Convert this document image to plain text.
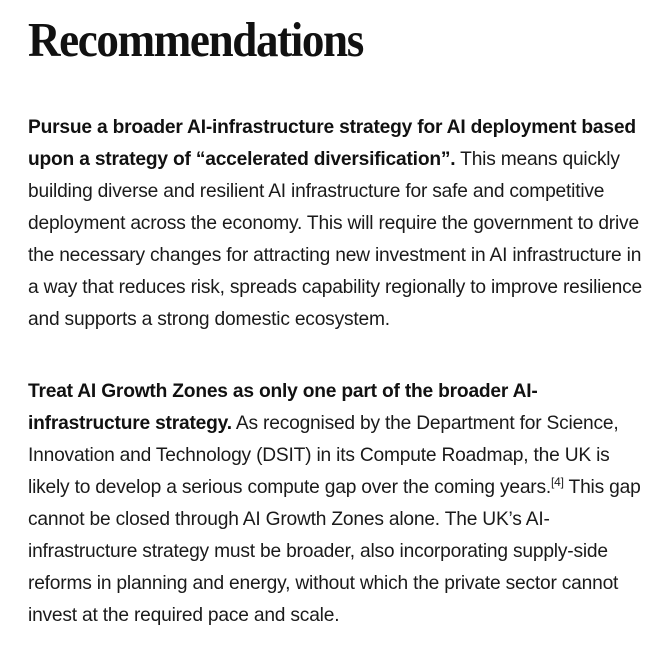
Recommendations

Pursue a broader AI-infrastructure strategy for AI deployment based upon a strategy of “accelerated diversification”. This means quickly building diverse and resilient AI infrastructure for safe and competitive deployment across the economy. This will require the government to drive the necessary changes for attracting new investment in AI infrastructure in a way that reduces risk, spreads capability regionally to improve resilience and supports a strong domestic ecosystem.

Treat AI Growth Zones as only one part of the broader AI-infrastructure strategy. As recognised by the Department for Science, Innovation and Technology (DSIT) in its Compute Roadmap, the UK is likely to develop a serious compute gap over the coming years.[4] This gap cannot be closed through AI Growth Zones alone. The UK’s AI-infrastructure strategy must be broader, also incorporating supply-side reforms in planning and energy, without which the private sector cannot invest at the required pace and scale.
